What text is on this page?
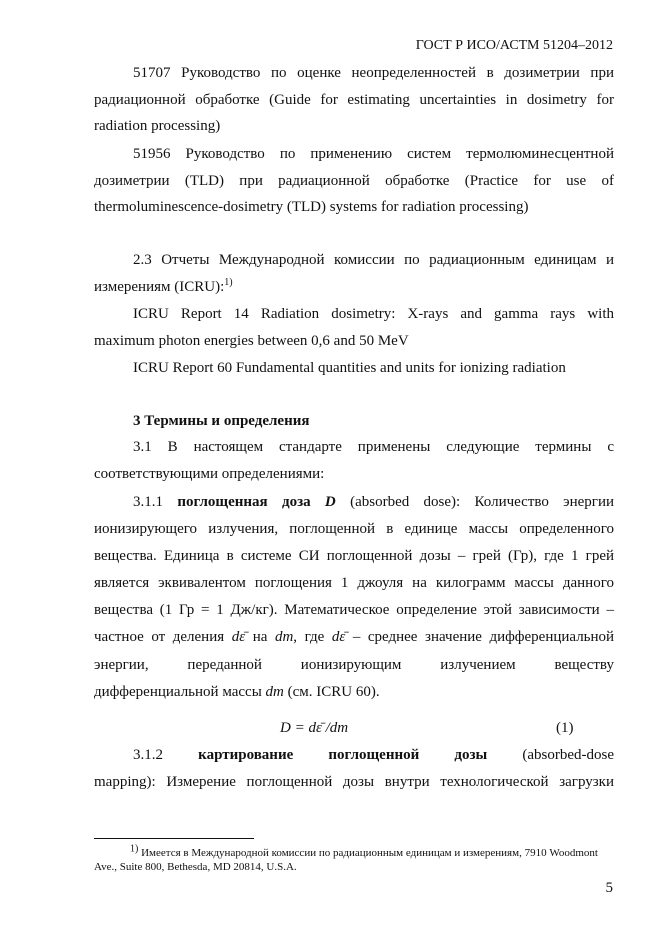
ГОСТ Р ИСО/АСТМ 51204–2012
51707 Руководство по оценке неопределенностей в дозиметрии при
радиационной обработке (Guide for estimating uncertainties in dosimetry for
radiation processing)
51956 Руководство по применению систем термолюминесцентной
дозиметрии (TLD) при радиационной обработке (Practice for use of
thermoluminescence-dosimetry (TLD) systems for radiation processing)
2.3 Отчеты Международной комиссии по радиационным единицам и
измерениям (ICRU):$^{1)}$
ICRU Report 14 Radiation dosimetry: X-rays and gamma rays with
maximum photon energies between 0,6 and 50 MeV
ICRU Report 60 Fundamental quantities and units for ionizing radiation
3 Термины и определения
3.1 В настоящем стандарте применены следующие термины с
соответствующими определениями:
3.1.1 поглощенная доза D (absorbed dose): Количество энергии
ионизирующего излучения, поглощенной в единице массы определенного
вещества. Единица в системе СИ поглощенной дозы – грей (Гр), где 1 грей
является эквивалентом поглощения 1 джоуля на килограмм массы данного
вещества (1 Гр = 1 Дж/кг). Математическое определение этой зависимости –
частное от деления dε̄ на dm, где dε̄ – среднее значение дифференциальной
энергии, переданной ионизирующим излучением веществу
дифференциальной массы dm (см. ICRU 60).
D = dε̄ /dm	(1)
3.1.2 картирование поглощенной дозы (absorbed-dose
mapping): Измерение поглощенной дозы внутри технологической загрузки
$^{1)}$ Имеется в Международной комиссии по радиационным единицам и измерениям, 7910 Woodmont
Ave., Suite 800, Bethesda, MD 20814, U.S.A.
5
